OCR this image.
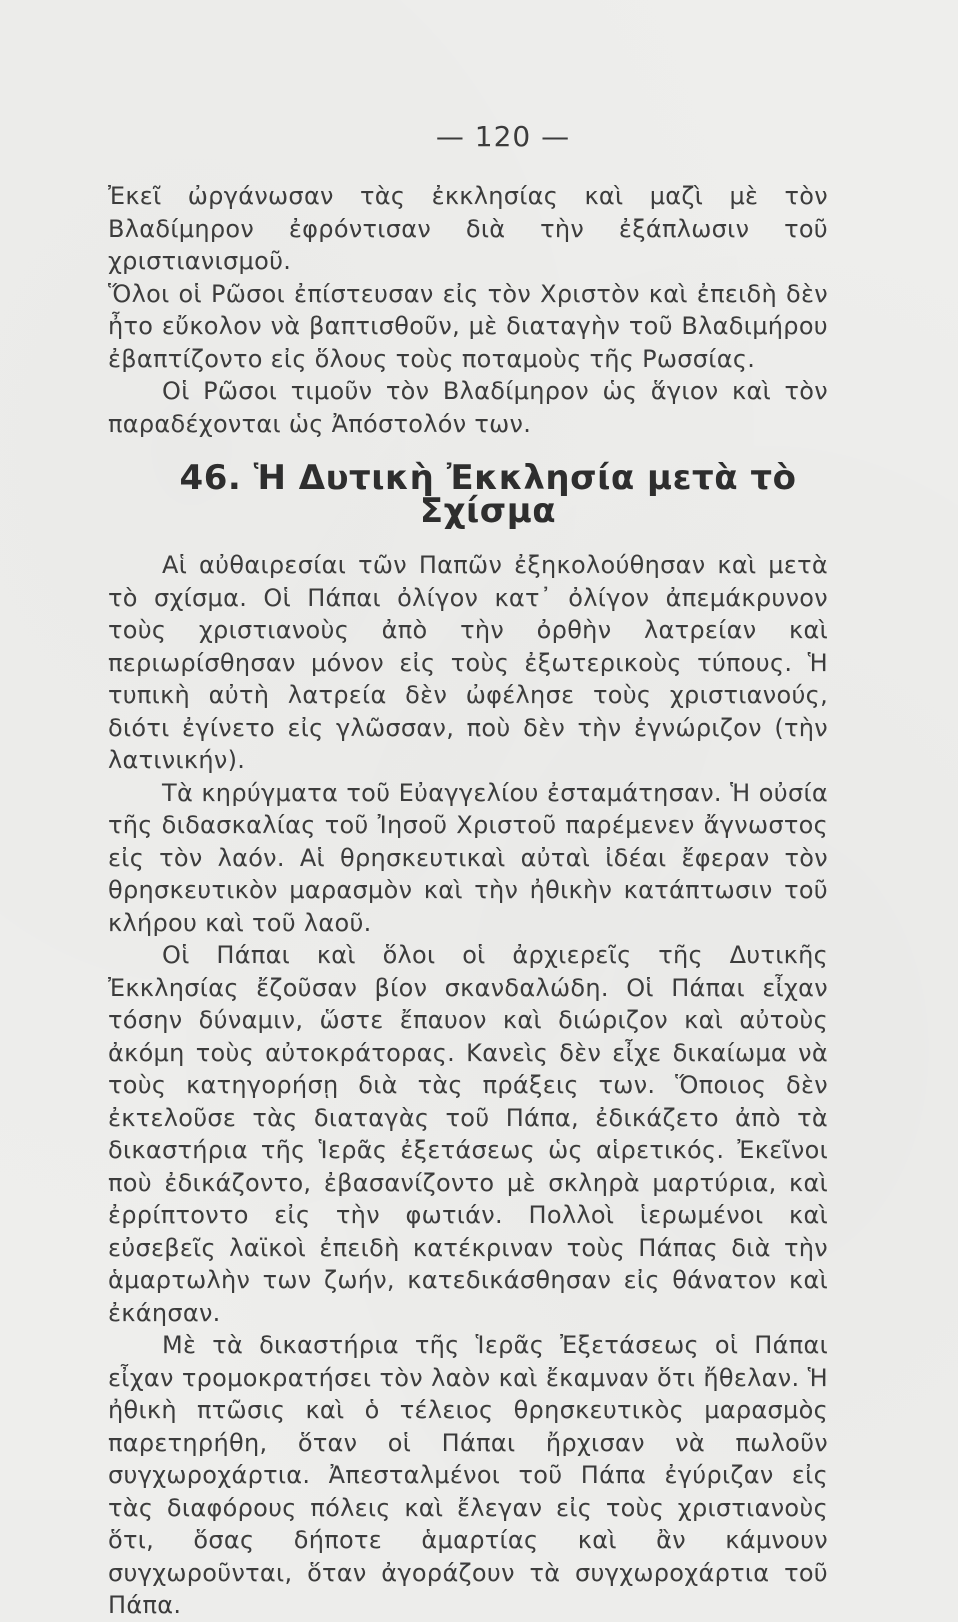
— 120 —

Ἐκεῖ ὠργάνωσαν τὰς ἐκκλησίας καὶ μαζὶ μὲ τὸν Βλαδίμηρον ἐφρόντισαν διὰ τὴν ἐξάπλωσιν τοῦ χριστιανισμοῦ.

Ὅλοι οἱ Ρῶσοι ἐπίστευσαν εἰς τὸν Χριστὸν καὶ ἐπειδὴ δὲν ἦτο εὔκολον νὰ βαπτισθοῦν, μὲ διαταγὴν τοῦ Βλαδιμήρου ἐβαπτίζοντο εἰς ὅλους τοὺς ποταμοὺς τῆς Ρωσσίας.

Οἱ Ρῶσοι τιμοῦν τὸν Βλαδίμηρον ὡς ἅγιον καὶ τὸν παραδέχονται ὡς Ἀπόστολόν των.

46. Ἡ Δυτικὴ Ἐκκλησία μετὰ τὸ Σχίσμα

Αἱ αὐθαιρεσίαι τῶν Παπῶν ἐξηκολούθησαν καὶ μετὰ τὸ σχίσμα. Οἱ Πάπαι ὀλίγον κατ᾿ ὀλίγον ἀπεμάκρυνον τοὺς χριστιανοὺς ἀπὸ τὴν ὀρθὴν λατρείαν καὶ περιωρίσθησαν μόνον εἰς τοὺς ἐξωτερικοὺς τύπους. Ἡ τυπικὴ αὐτὴ λατρεία δὲν ὠφέλησε τοὺς χριστιανούς, διότι ἐγίνετο εἰς γλῶσσαν, ποὺ δὲν τὴν ἐγνώριζον (τὴν λατινικήν).

Τὰ κηρύγματα τοῦ Εὐαγγελίου ἐσταμάτησαν. Ἡ οὐσία τῆς διδασκαλίας τοῦ Ἰησοῦ Χριστοῦ παρέμενεν ἄγνωστος εἰς τὸν λαόν. Αἱ θρησκευτικαὶ αὐταὶ ἰδέαι ἔφεραν τὸν θρησκευτικὸν μαρασμὸν καὶ τὴν ἠθικὴν κατάπτωσιν τοῦ κλήρου καὶ τοῦ λαοῦ.

Οἱ Πάπαι καὶ ὅλοι οἱ ἀρχιερεῖς τῆς Δυτικῆς Ἐκκλησίας ἔζοῦσαν βίον σκανδαλώδη. Οἱ Πάπαι εἶχαν τόσην δύναμιν, ὥστε ἔπαυον καὶ διώριζον καὶ αὐτοὺς ἀκόμη τοὺς αὐτοκράτορας. Κανεὶς δὲν εἶχε δικαίωμα νὰ τοὺς κατηγορήσῃ διὰ τὰς πράξεις των. Ὅποιος δὲν ἐκτελοῦσε τὰς διαταγὰς τοῦ Πάπα, ἐδικάζετο ἀπὸ τὰ δικαστήρια τῆς Ἱερᾶς ἐξετάσεως ὡς αἱρετικός. Ἐκεῖνοι ποὺ ἐδικάζοντο, ἐβασανίζοντο μὲ σκληρὰ μαρτύρια, καὶ ἐρρίπτοντο εἰς τὴν φωτιάν. Πολλοὶ ἱερωμένοι καὶ εὐσεβεῖς λαϊκοὶ ἐπειδὴ κατέκριναν τοὺς Πάπας διὰ τὴν ἁμαρτωλὴν των ζωήν, κατεδικάσθησαν εἰς θάνατον καὶ ἐκάησαν.

Μὲ τὰ δικαστήρια τῆς Ἱερᾶς Ἐξετάσεως οἱ Πάπαι εἶχαν τρομοκρατήσει τὸν λαὸν καὶ ἔκαμναν ὅτι ἤθελαν. Ἡ ἠθικὴ πτῶσις καὶ ὁ τέλειος θρησκευτικὸς μαρασμὸς παρετηρήθη, ὅταν οἱ Πάπαι ἤρχισαν νὰ πωλοῦν συγχωροχάρτια. Ἀπεσταλμένοι τοῦ Πάπα ἐγύριζαν εἰς τὰς διαφόρους πόλεις καὶ ἔλεγαν εἰς τοὺς χριστιανοὺς ὅτι, ὅσας δήποτε ἁμαρτίας καὶ ἂν κάμνουν συγχωροῦνται, ὅταν ἀγοράζουν τὰ συγχωροχάρτια τοῦ Πάπα.
